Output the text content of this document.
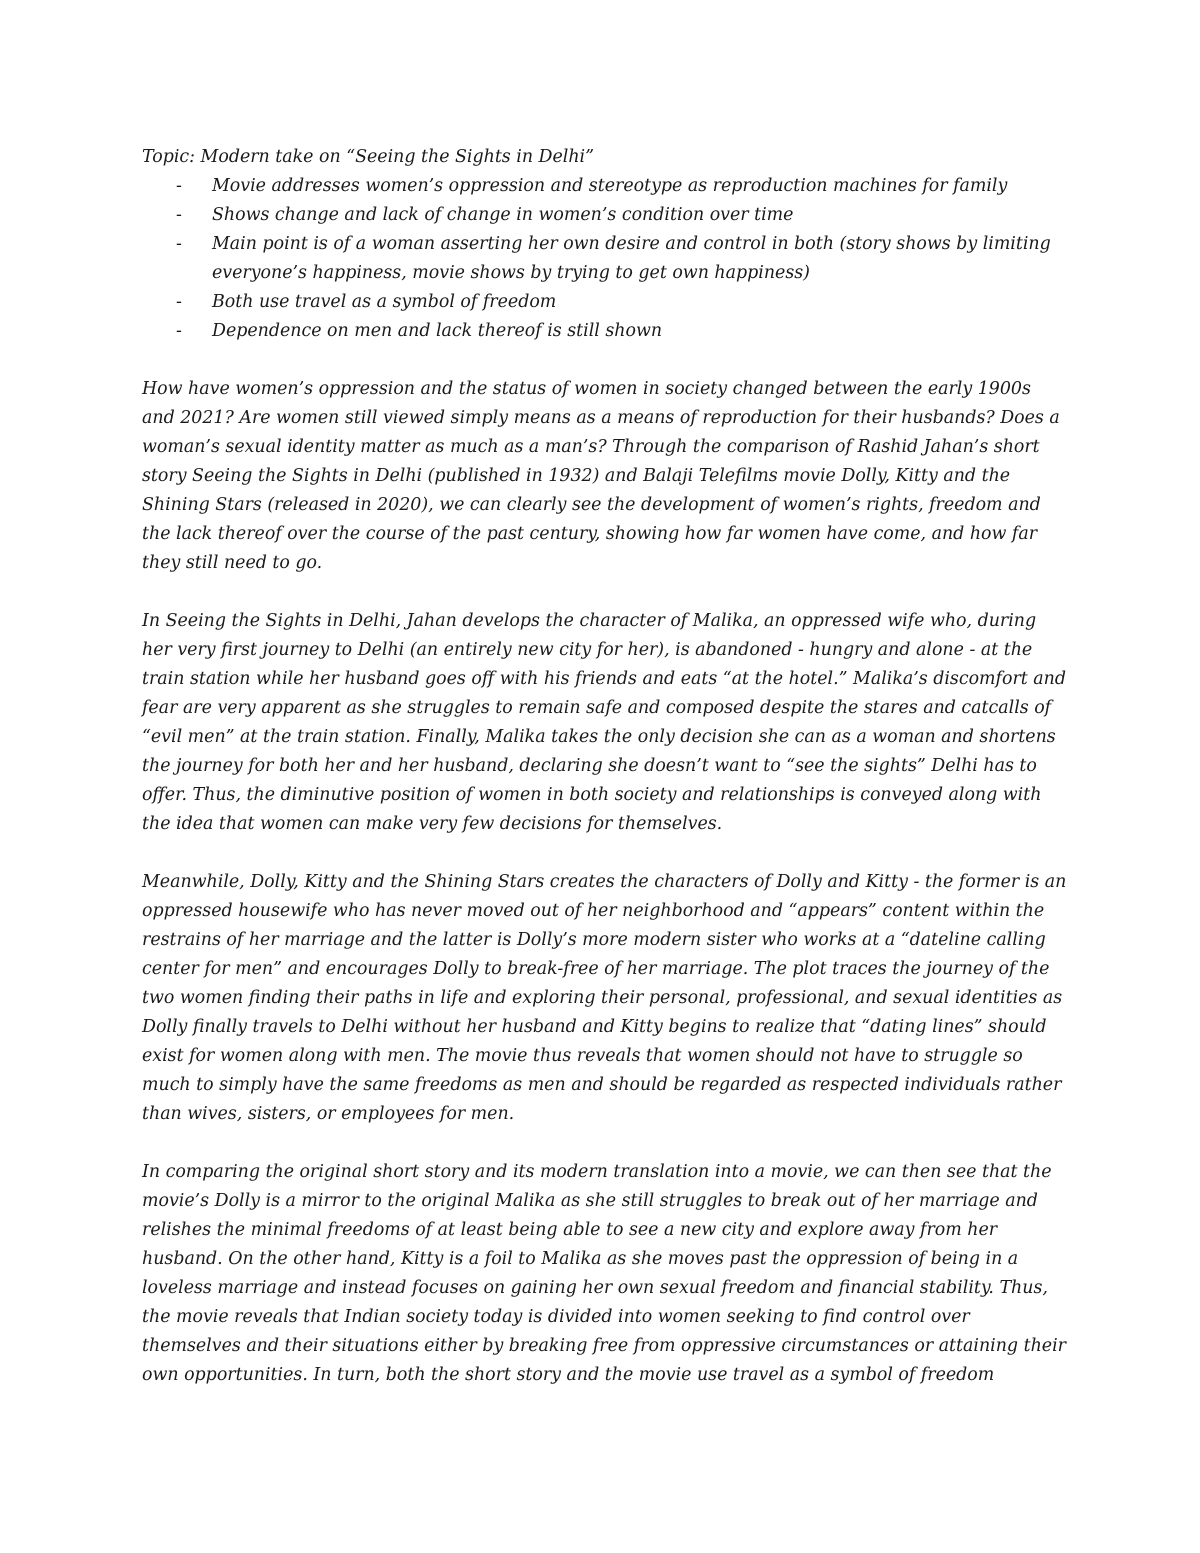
Topic: Modern take on “Seeing the Sights in Delhi”

- Movie addresses women’s oppression and stereotype as reproduction machines for family
- Shows change and lack of change in women’s condition over time
- Main point is of a woman asserting her own desire and control in both (story shows by limiting everyone’s happiness, movie shows by trying to get own happiness)
- Both use travel as a symbol of freedom
- Dependence on men and lack thereof is still shown

How have women’s oppression and the status of women in society changed between the early 1900s and 2021? Are women still viewed simply means as a means of reproduction for their husbands? Does a woman’s sexual identity matter as much as a man’s? Through the comparison of Rashid Jahan’s short story Seeing the Sights in Delhi (published in 1932) and Balaji Telefilms movie Dolly, Kitty and the Shining Stars (released in 2020), we can clearly see the development of women’s rights, freedom and the lack thereof over the course of the past century, showing how far women have come, and how far they still need to go.

In Seeing the Sights in Delhi, Jahan develops the character of Malika, an oppressed wife who, during her very first journey to Delhi (an entirely new city for her), is abandoned - hungry and alone - at the train station while her husband goes off with his friends and eats “at the hotel.” Malika’s discomfort and fear are very apparent as she struggles to remain safe and composed despite the stares and catcalls of “evil men” at the train station. Finally, Malika takes the only decision she can as a woman and shortens the journey for both her and her husband, declaring she doesn’t want to “see the sights” Delhi has to offer. Thus, the diminutive position of women in both society and relationships is conveyed along with the idea that women can make very few decisions for themselves.

Meanwhile, Dolly, Kitty and the Shining Stars creates the characters of Dolly and Kitty - the former is an oppressed housewife who has never moved out of her neighborhood and “appears” content within the restrains of her marriage and the latter is Dolly’s more modern sister who works at a “dateline calling center for men” and encourages Dolly to break-free of her marriage. The plot traces the journey of the two women finding their paths in life and exploring their personal, professional, and sexual identities as Dolly finally travels to Delhi without her husband and Kitty begins to realize that “dating lines” should exist for women along with men. The movie thus reveals that women should not have to struggle so much to simply have the same freedoms as men and should be regarded as respected individuals rather than wives, sisters, or employees for men.

In comparing the original short story and its modern translation into a movie, we can then see that the movie’s Dolly is a mirror to the original Malika as she still struggles to break out of her marriage and relishes the minimal freedoms of at least being able to see a new city and explore away from her husband. On the other hand, Kitty is a foil to Malika as she moves past the oppression of being in a loveless marriage and instead focuses on gaining her own sexual freedom and financial stability. Thus, the movie reveals that Indian society today is divided into women seeking to find control over themselves and their situations either by breaking free from oppressive circumstances or attaining their own opportunities. In turn, both the short story and the movie use travel as a symbol of freedom
